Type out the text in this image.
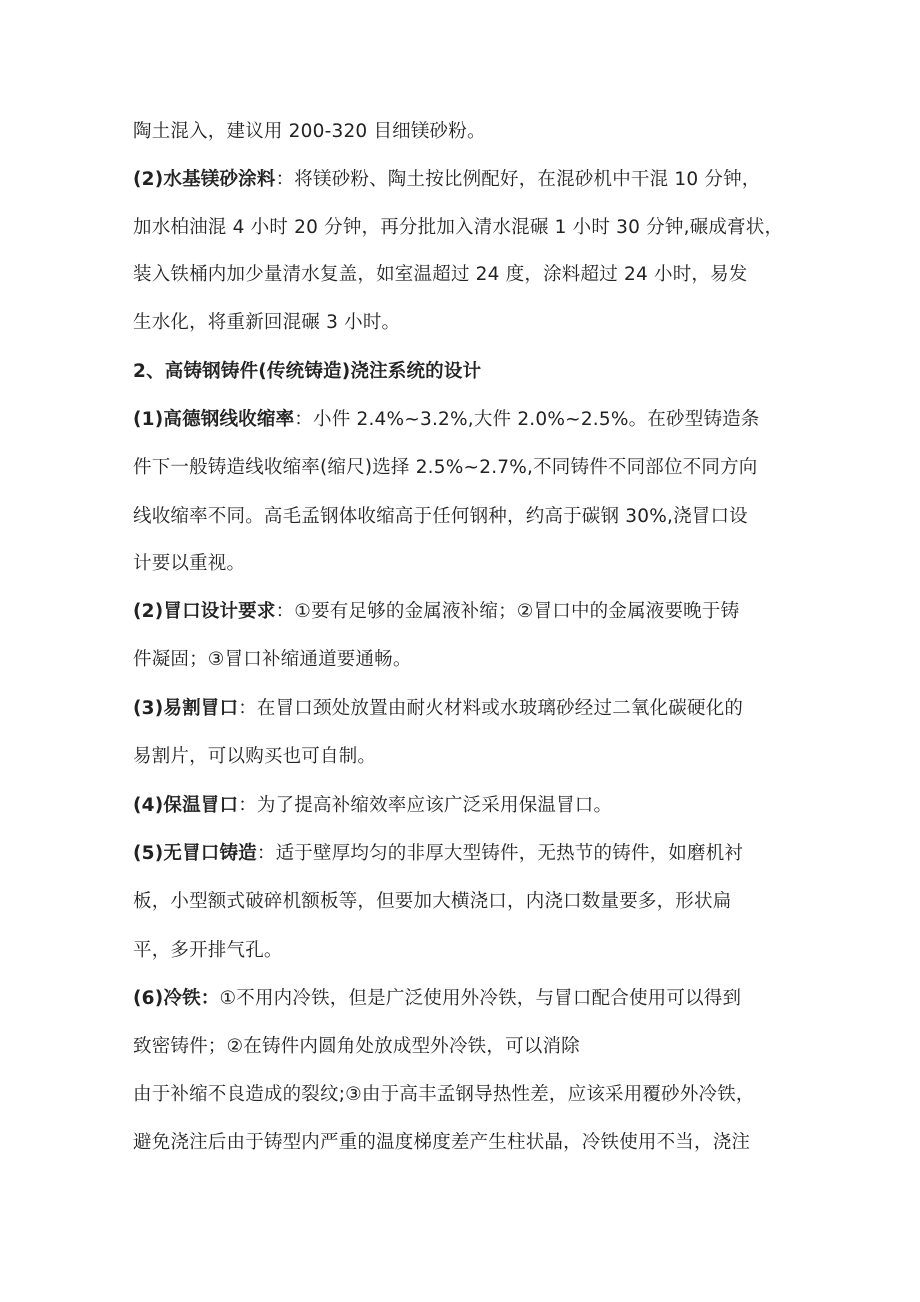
陶土混入，建议用 200-320 目细镁砂粉。
(2)水基镁砂涂料：将镁砂粉、陶土按比例配好，在混砂机中干混 10 分钟，
加水柏油混 4 小时 20 分钟，再分批加入清水混碾 1 小时 30 分钟,碾成膏状，
装入铁桶内加少量清水复盖，如室温超过 24 度，涂料超过 24 小时，易发
生水化，将重新回混碾 3 小时。
2、高铸钢铸件(传统铸造)浇注系统的设计
(1)高德钢线收缩率：小件 2.4%~3.2%,大件 2.0%~2.5%。在砂型铸造条
件下一般铸造线收缩率(缩尺)选择 2.5%~2.7%,不同铸件不同部位不同方向
线收缩率不同。高毛孟钢体收缩高于任何钢种，约高于碳钢 30%,浇冒口设
计要以重视。
(2)冒口设计要求：①要有足够的金属液补缩；②冒口中的金属液要晚于铸
件凝固；③冒口补缩通道要通畅。
(3)易割冒口：在冒口颈处放置由耐火材料或水玻璃砂经过二氧化碳硬化的
易割片，可以购买也可自制。
(4)保温冒口：为了提高补缩效率应该广泛采用保温冒口。
(5)无冒口铸造：适于壁厚均匀的非厚大型铸件，无热节的铸件，如磨机衬
板，小型额式破碎机额板等，但要加大横浇口，内浇口数量要多，形状扁
平，多开排气孔。
(6)冷铁：①不用内冷铁，但是广泛使用外冷铁，与冒口配合使用可以得到
致密铸件；②在铸件内圆角处放成型外冷铁，可以消除
由于补缩不良造成的裂纹;③由于高丰孟钢导热性差，应该采用覆砂外冷铁，
避免浇注后由于铸型内严重的温度梯度差产生柱状晶，冷铁使用不当，浇注
